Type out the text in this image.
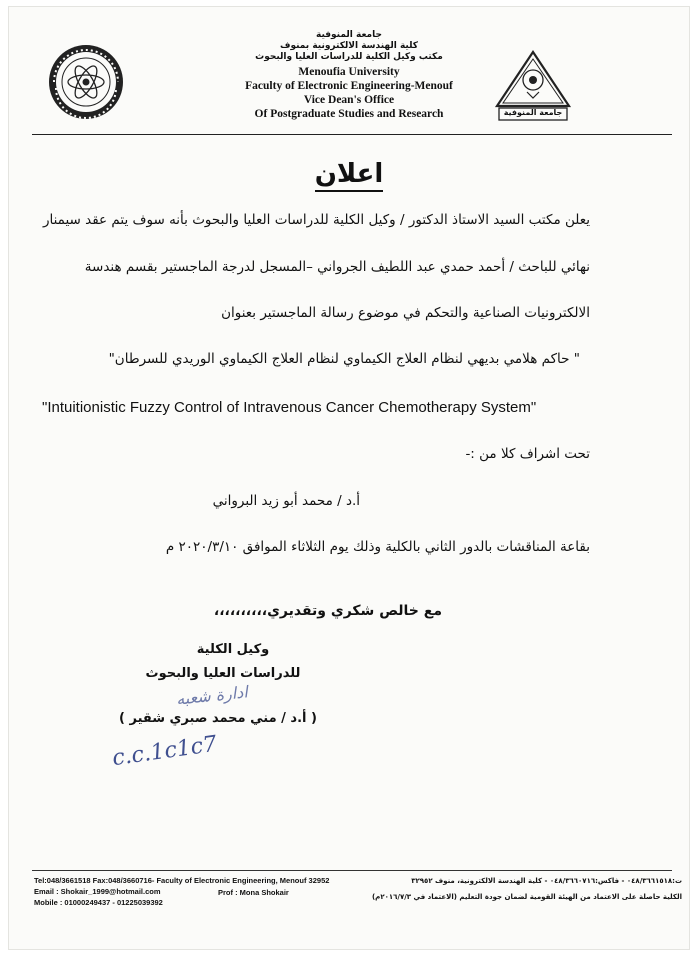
جامعة المنوفية
كلية الهندسة الالكترونية بمنوف
مكتب وكيل الكلية للدراسات العليا والبحوث
Menoufia University
Faculty of Electronic Engineering-Menouf
Vice Dean's Office
Of Postgraduate Studies and Research	جامعة المنوفية
اعلان
يعلن مكتب السيد الاستاذ الدكتور / وكيل الكلية للدراسات العليا والبحوث بأنه سوف يتم عقد سيمنار
نهائي للباحث / أحمد حمدي عبد اللطيف الجرواني –المسجل لدرجة الماجستير بقسم هندسة
الالكترونيات الصناعية والتحكم في موضوع رسالة الماجستير بعنوان
" حاكم هلامي بديهي لنظام العلاج الكيماوي لنظام العلاج الكيماوي الوريدي للسرطان"
"Intuitionistic Fuzzy Control of Intravenous Cancer Chemotherapy System"
تحت اشراف كلا من :-
أ.د / محمد أبو زيد البرواني
بقاعة المناقشات بالدور الثاني بالكلية وذلك يوم الثلاثاء الموافق ٢٠٢٠/٣/١٠ م
مع خالص شكري وتقديري،،،،،،،،،،
وكيل الكلية
للدراسات العليا والبحوث
( أ.د / مني محمد صبري شقير )
ادارة شعبه
c.c.1c1c7
Tel:048/3661518 Fax:048/3660716- Faculty of Electronic Engineering, Menouf 32952
Email : Shokair_1999@hotmail.com
Mobile : 01000249437 - 01225039392
Prof : Mona Shokair
ت:٠٤٨/٣٦٦١٥١٨ - فاكس:٠٤٨/٣٦٦٠٧١٦ - كلية الهندسة الالكترونية، منوف ٣٢٩٥٢
الكلية حاصلة على الاعتماد من الهيئة القومية لضمان جودة التعليم (الاعتماد في ٢٠١٦/٧/٣م)
